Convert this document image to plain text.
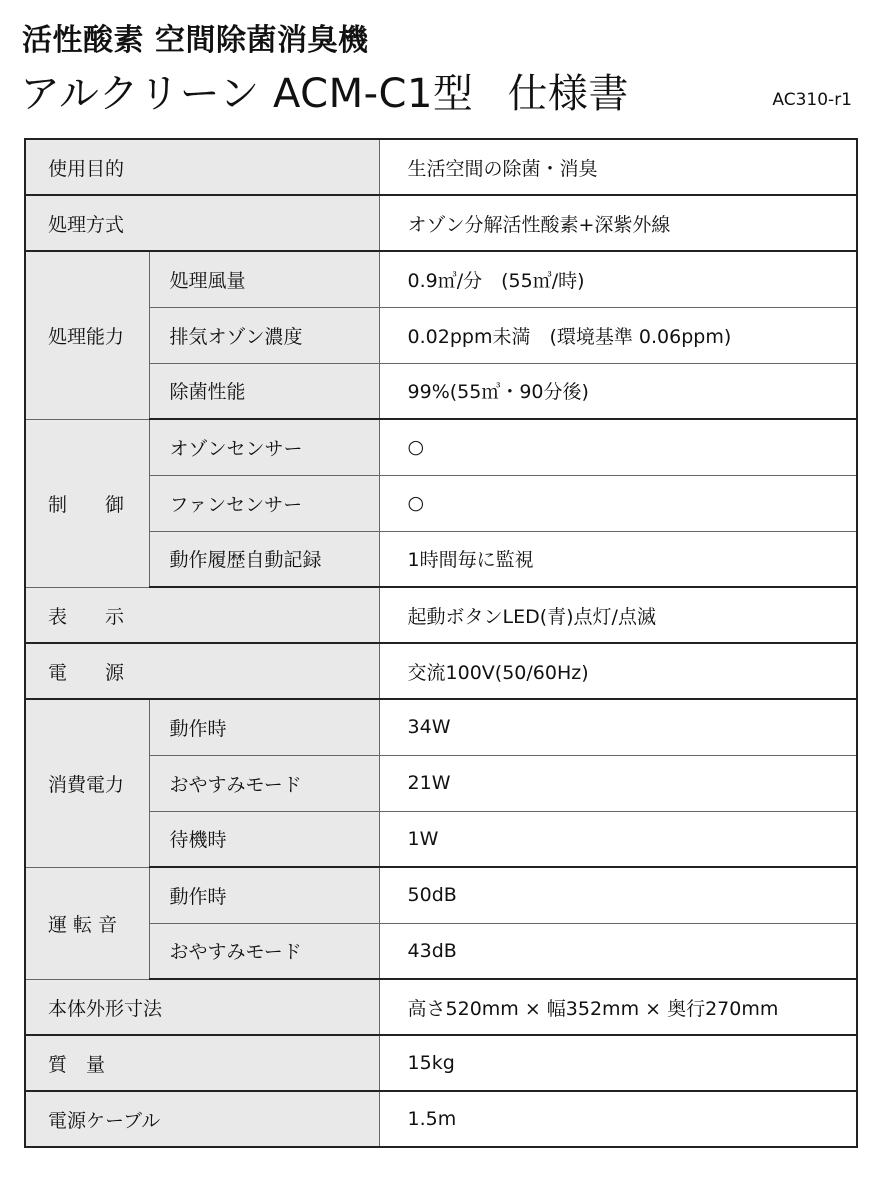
活性酸素 空間除菌消臭機
アルクリーン ACM-C1型 仕様書	AC310-r1
使用目的		生活空間の除菌・消臭
処理方式		オゾン分解活性酸素+深紫外線
処理能力	処理風量	0.9㎥/分　(55㎥/時)
	排気オゾン濃度	0.02ppm未満　(環境基準 0.06ppm)
	除菌性能	99%(55㎥・90分後)
制　　御	オゾンセンサー	○
	ファンセンサー	○
	動作履歴自動記録	1時間毎に監視
表　　示		起動ボタンLED(青)点灯/点滅
電　　源		交流100V(50/60Hz)
消費電力	動作時	34W
	おやすみモード	21W
	待機時	1W
運 転 音	動作時	50dB
	おやすみモード	43dB
本体外形寸法		高さ520mm × 幅352mm × 奥行270mm
質　量		15kg
電源ケーブル		1.5m
